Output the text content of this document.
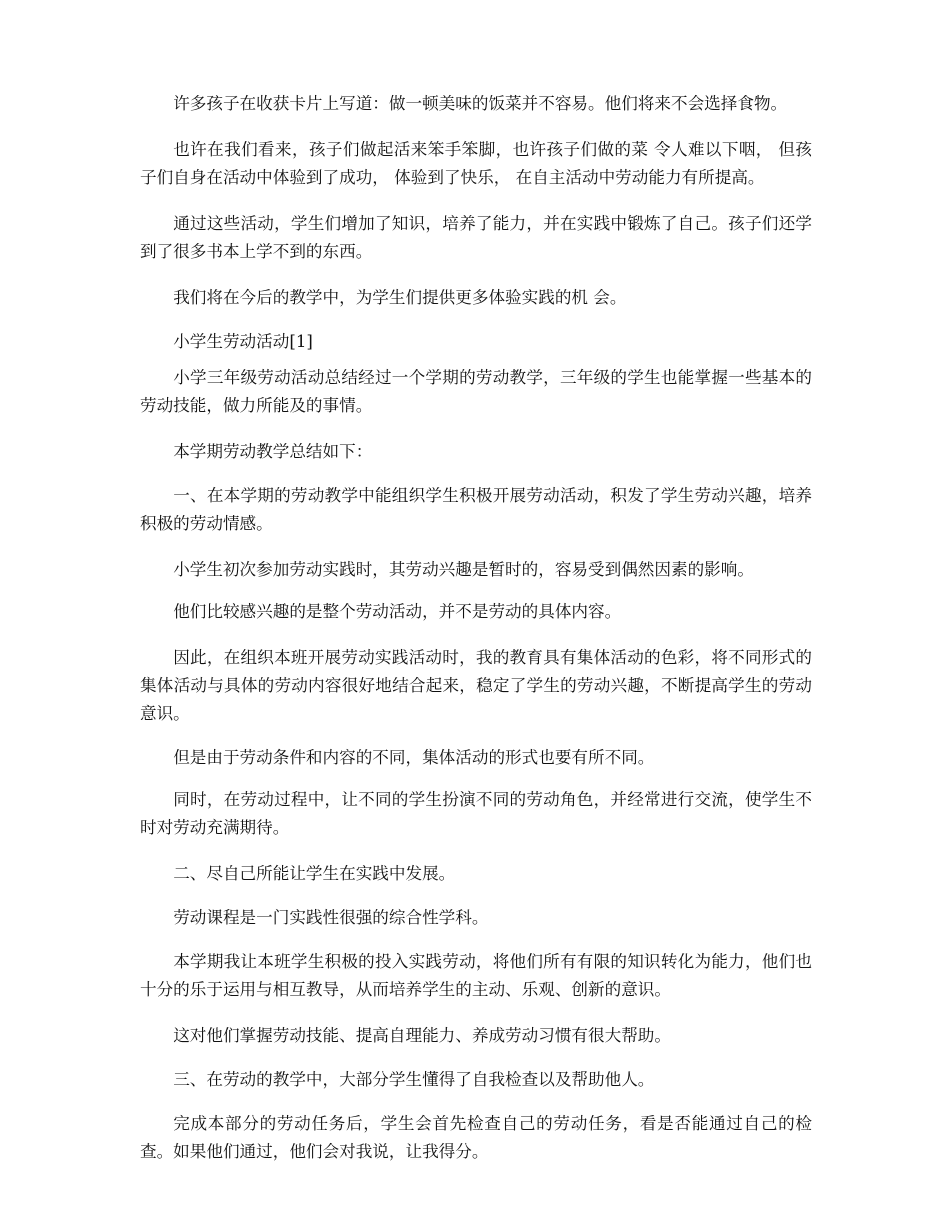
许多孩子在收获卡片上写道：做一顿美味的饭菜并不容易。他们将来不会选择食物。

也许在我们看来，孩子们做起活来笨手笨脚，也许孩子们做的菜 令人难以下咽， 但孩子们自身在活动中体验到了成功， 体验到了快乐， 在自主活动中劳动能力有所提高。

通过这些活动，学生们增加了知识，培养了能力，并在实践中锻炼了自己。孩子们还学到了很多书本上学不到的东西。

我们将在今后的教学中，为学生们提供更多体验实践的机 会。

小学生劳动活动[1]

小学三年级劳动活动总结经过一个学期的劳动教学，三年级的学生也能掌握一些基本的劳动技能，做力所能及的事情。

本学期劳动教学总结如下：

一、在本学期的劳动教学中能组织学生积极开展劳动活动，积发了学生劳动兴趣，培养积极的劳动情感。

小学生初次参加劳动实践时，其劳动兴趣是暂时的，容易受到偶然因素的影响。

他们比较感兴趣的是整个劳动活动，并不是劳动的具体内容。

因此，在组织本班开展劳动实践活动时，我的教育具有集体活动的色彩，将不同形式的集体活动与具体的劳动内容很好地结合起来，稳定了学生的劳动兴趣，不断提高学生的劳动意识。

但是由于劳动条件和内容的不同，集体活动的形式也要有所不同。

同时，在劳动过程中，让不同的学生扮演不同的劳动角色，并经常进行交流，使学生不时对劳动充满期待。

二、尽自己所能让学生在实践中发展。

劳动课程是一门实践性很强的综合性学科。

本学期我让本班学生积极的投入实践劳动，将他们所有有限的知识转化为能力，他们也十分的乐于运用与相互教导，从而培养学生的主动、乐观、创新的意识。

这对他们掌握劳动技能、提高自理能力、养成劳动习惯有很大帮助。

三、在劳动的教学中，大部分学生懂得了自我检查以及帮助他人。

完成本部分的劳动任务后，学生会首先检查自己的劳动任务，看是否能通过自己的检查。如果他们通过，他们会对我说，让我得分。
